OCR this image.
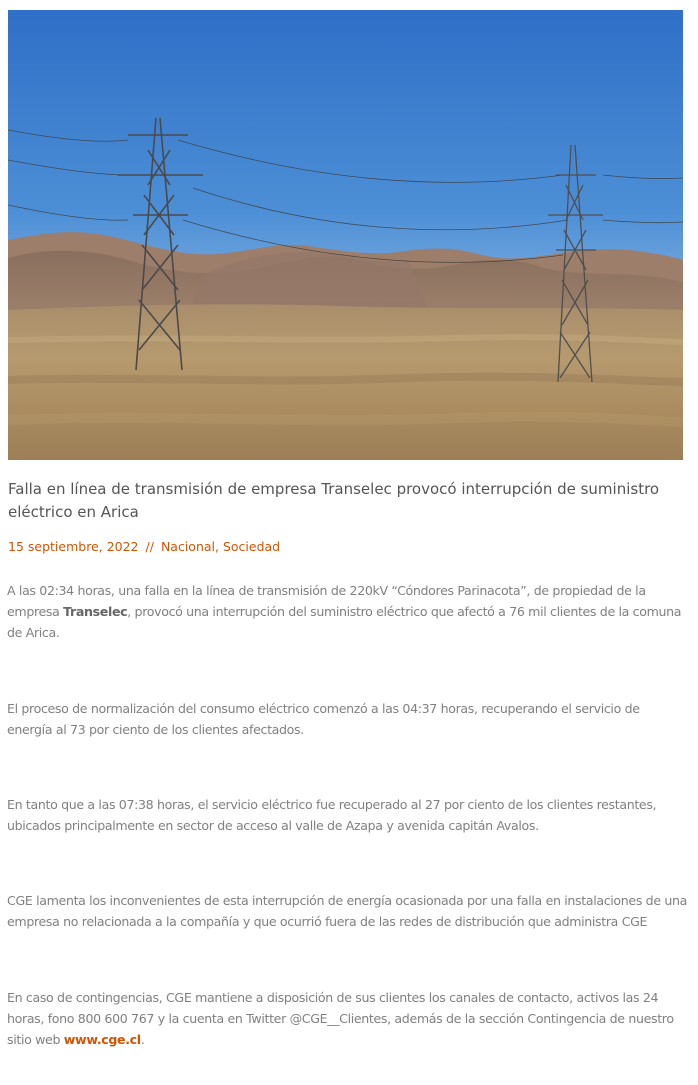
Falla en línea de transmisión de empresa Transelec provocó interrupción de suministro eléctrico en Arica
15 septiembre, 2022 // Nacional, Sociedad

A las 02:34 horas, una falla en la línea de transmisión de 220kV “Cóndores Parinacota”, de propiedad de la empresa Transelec, provocó una interrupción del suministro eléctrico que afectó a 76 mil clientes de la comuna de Arica.

El proceso de normalización del consumo eléctrico comenzó a las 04:37 horas, recuperando el servicio de energía al 73 por ciento de los clientes afectados.

En tanto que a las 07:38 horas, el servicio eléctrico fue recuperado al 27 por ciento de los clientes restantes, ubicados principalmente en sector de acceso al valle de Azapa y avenida capitán Avalos.

CGE lamenta los inconvenientes de esta interrupción de energía ocasionada por una falla en instalaciones de una empresa no relacionada a la compañía y que ocurrió fuera de las redes de distribución que administra CGE

En caso de contingencias, CGE mantiene a disposición de sus clientes los canales de contacto, activos las 24 horas, fono 800 600 767 y la cuenta en Twitter @CGE__Clientes, además de la sección Contingencia de nuestro sitio web www.cge.cl.
